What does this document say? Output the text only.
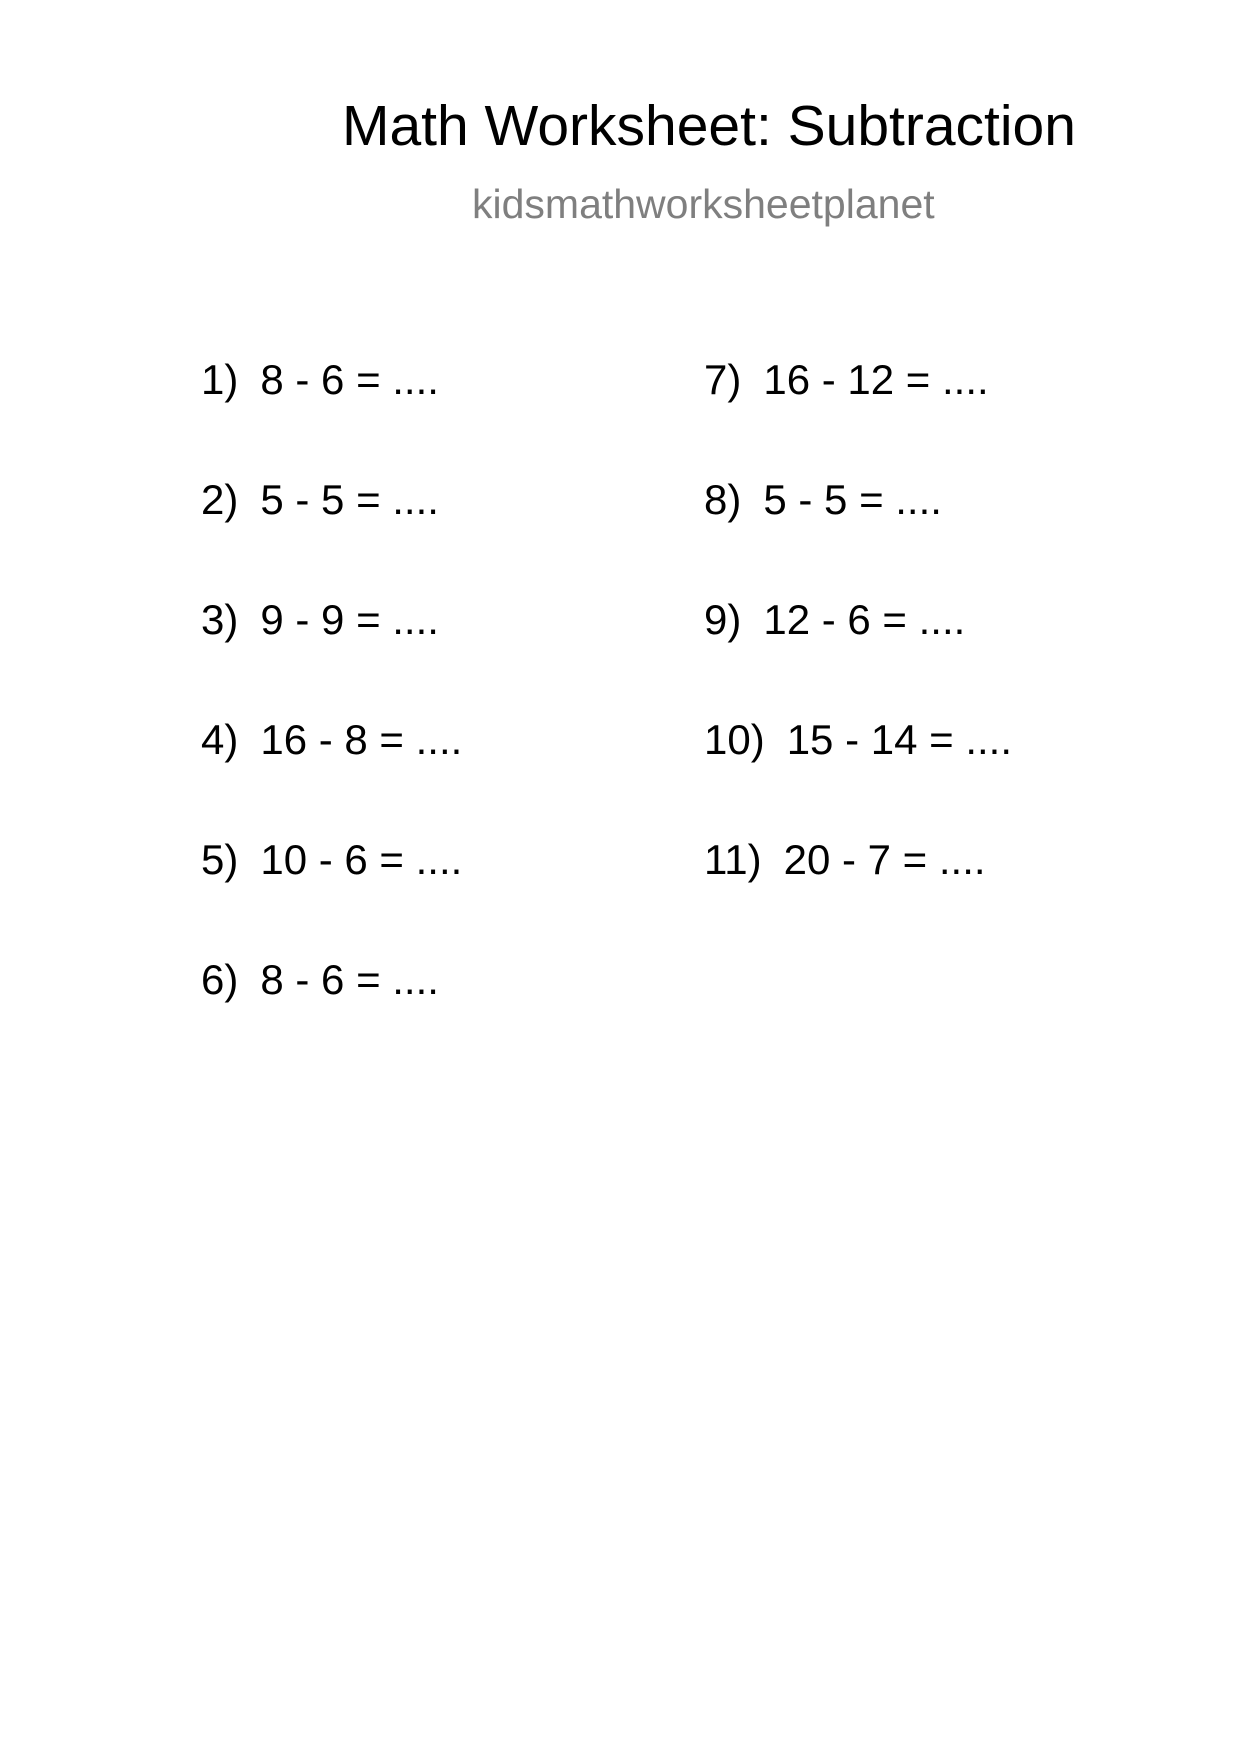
Math Worksheet: Subtraction
kidsmathworksheetplanet
1) 8 - 6 = ....
2) 5 - 5 = ....
3) 9 - 9 = ....
4) 16 - 8 = ....
5) 10 - 6 = ....
6) 8 - 6 = ....
7) 16 - 12 = ....
8) 5 - 5 = ....
9) 12 - 6 = ....
10) 15 - 14 = ....
11) 20 - 7 = ....
